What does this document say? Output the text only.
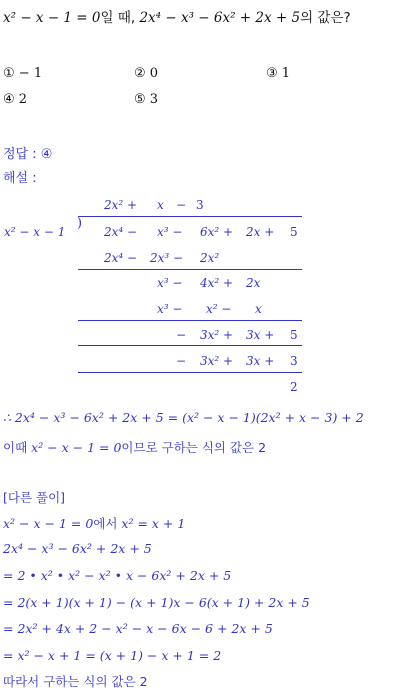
x² − x − 1 = 0일 때, 2x⁴ − x³ − 6x² + 2x + 5의 값은?
① − 1	② 0	③ 1
④ 2	⑤ 3
정답 : ④
해설 :
2x² + x − 3
)
x² − x − 1	2x⁴ − x³ − 6x² + 2x + 5
2x⁴ − 2x³ − 2x²
x³ − 4x² + 2x
x³ − x² − x
− 3x² + 3x + 5
− 3x² + 3x + 3
2
∴ 2x⁴ − x³ − 6x² + 2x + 5 = (x² − x − 1)(2x² + x − 3) + 2
이때 x² − x − 1 = 0이므로 구하는 식의 값은 2
[다른 풀이]
x² − x − 1 = 0에서 x² = x + 1
2x⁴ − x³ − 6x² + 2x + 5
= 2 • x² • x² − x² • x − 6x² + 2x + 5
= 2(x + 1)(x + 1) − (x + 1)x − 6(x + 1) + 2x + 5
= 2x² + 4x + 2 − x² − x − 6x − 6 + 2x + 5
= x² − x + 1 = (x + 1) − x + 1 = 2
따라서 구하는 식의 값은 2
